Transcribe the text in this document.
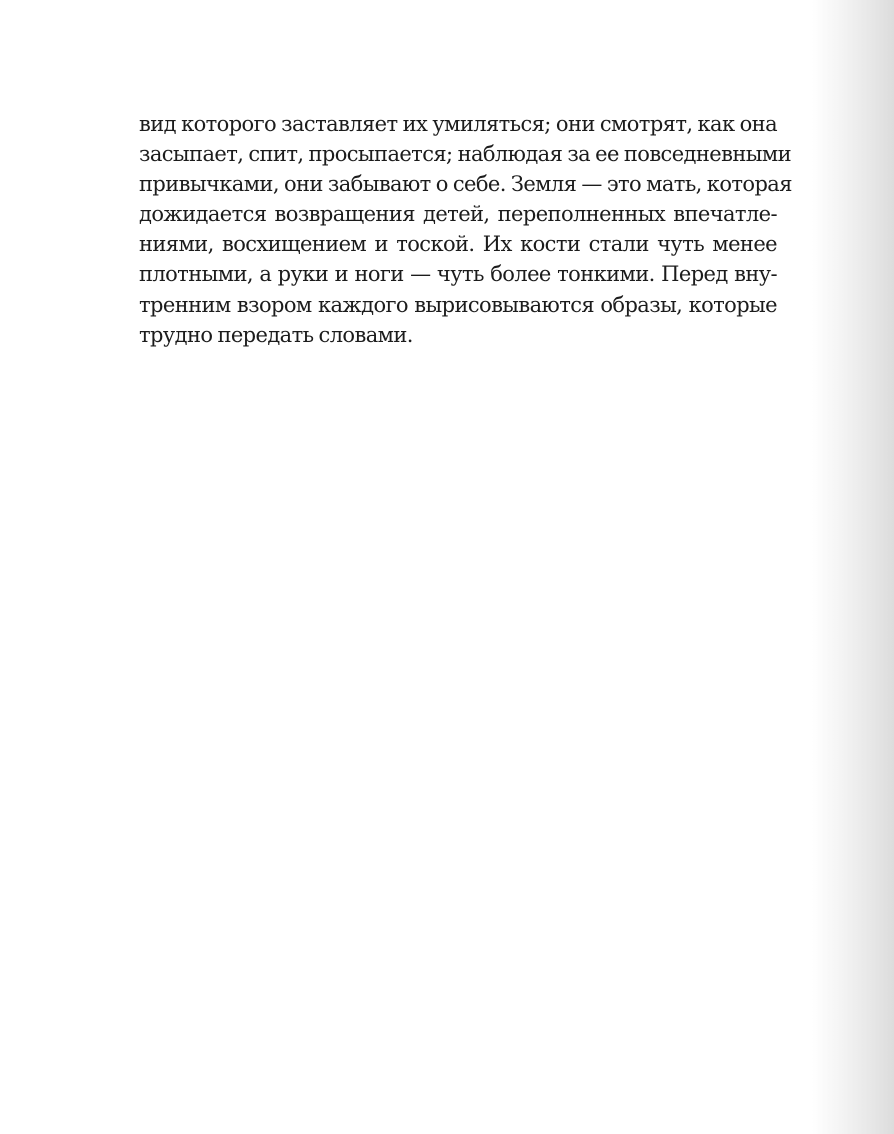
вид которого заставляет их умиляться; они смотрят, как она
засыпает, спит, просыпается; наблюдая за ее повседневными
привычками, они забывают о себе. Земля — это мать, которая
дожидается возвращения детей, переполненных впечатле-
ниями, восхищением и тоской. Их кости стали чуть менее
плотными, а руки и ноги — чуть более тонкими. Перед вну-
тренним взором каждого вырисовываются образы, которые
трудно передать словами.
